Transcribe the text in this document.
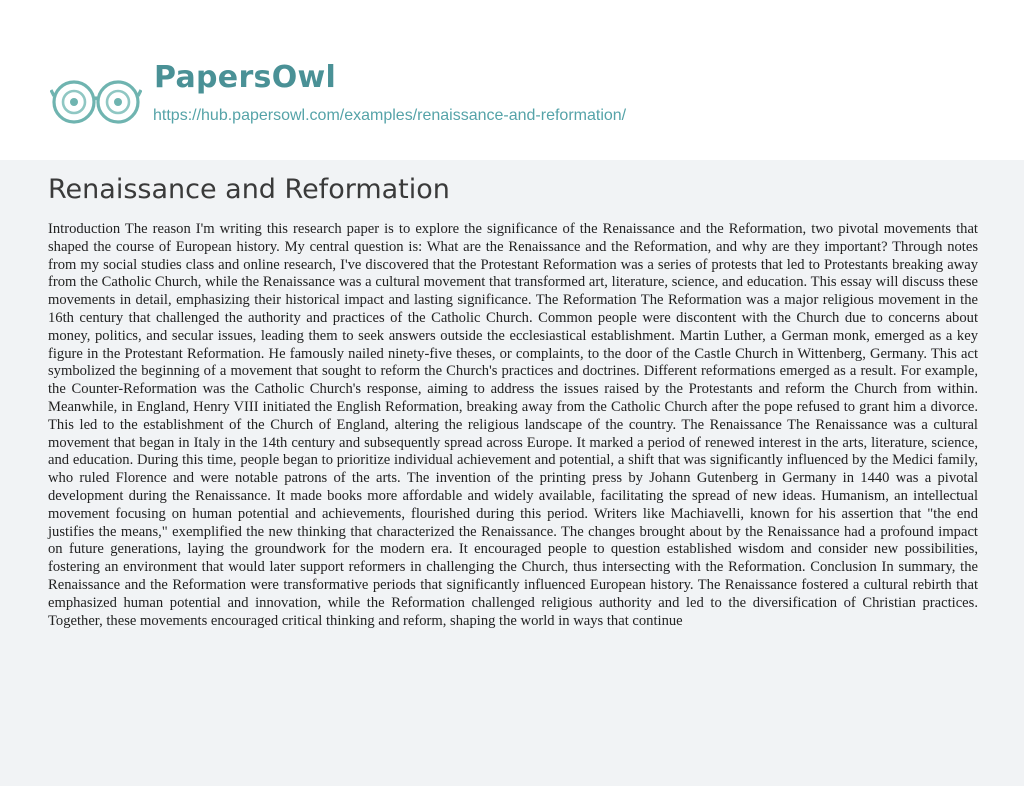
PapersOwl
https://hub.papersowl.com/examples/renaissance-and-reformation/
Renaissance and Reformation

Introduction The reason I'm writing this research paper is to explore the significance of the Renaissance and the Reformation, two pivotal movements that shaped the course of European history. My central question is: What are the Renaissance and the Reformation, and why are they important? Through notes from my social studies class and online research, I've discovered that the Protestant Reformation was a series of protests that led to Protestants breaking away from the Catholic Church, while the Renaissance was a cultural movement that transformed art, literature, science, and education. This essay will discuss these movements in detail, emphasizing their historical impact and lasting significance. The Reformation The Reformation was a major religious movement in the 16th century that challenged the authority and practices of the Catholic Church. Common people were discontent with the Church due to concerns about money, politics, and secular issues, leading them to seek answers outside the ecclesiastical establishment. Martin Luther, a German monk, emerged as a key figure in the Protestant Reformation. He famously nailed ninety-five theses, or complaints, to the door of the Castle Church in Wittenberg, Germany. This act symbolized the beginning of a movement that sought to reform the Church's practices and doctrines. Different reformations emerged as a result. For example, the Counter-Reformation was the Catholic Church's response, aiming to address the issues raised by the Protestants and reform the Church from within. Meanwhile, in England, Henry VIII initiated the English Reformation, breaking away from the Catholic Church after the pope refused to grant him a divorce. This led to the establishment of the Church of England, altering the religious landscape of the country. The Renaissance The Renaissance was a cultural movement that began in Italy in the 14th century and subsequently spread across Europe. It marked a period of renewed interest in the arts, literature, science, and education. During this time, people began to prioritize individual achievement and potential, a shift that was significantly influenced by the Medici family, who ruled Florence and were notable patrons of the arts. The invention of the printing press by Johann Gutenberg in Germany in 1440 was a pivotal development during the Renaissance. It made books more affordable and widely available, facilitating the spread of new ideas. Humanism, an intellectual movement focusing on human potential and achievements, flourished during this period. Writers like Machiavelli, known for his assertion that "the end justifies the means," exemplified the new thinking that characterized the Renaissance. The changes brought about by the Renaissance had a profound impact on future generations, laying the groundwork for the modern era. It encouraged people to question established wisdom and consider new possibilities, fostering an environment that would later support reformers in challenging the Church, thus intersecting with the Reformation. Conclusion In summary, the Renaissance and the Reformation were transformative periods that significantly influenced European history. The Renaissance fostered a cultural rebirth that emphasized human potential and innovation, while the Reformation challenged religious authority and led to the diversification of Christian practices. Together, these movements encouraged critical thinking and reform, shaping the world in ways that continue
